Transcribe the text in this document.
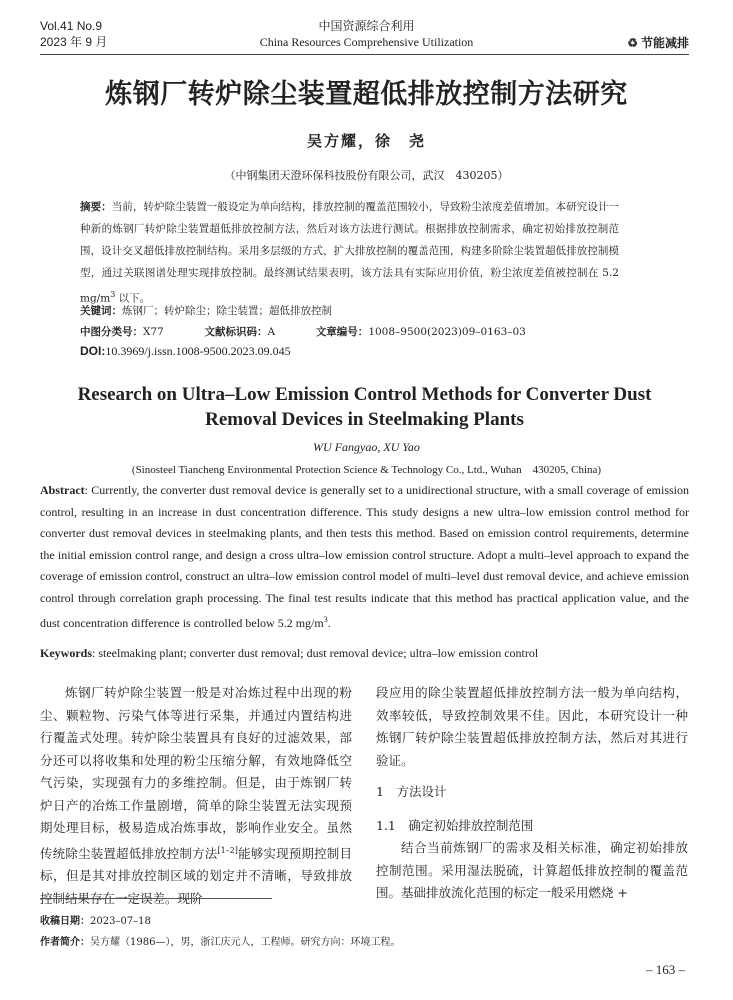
Vol.41 No.9
2023 年 9 月
中国资源综合利用
China Resources Comprehensive Utilization	♻ 节能减排
炼钢厂转炉除尘装置超低排放控制方法研究
吴方耀，徐　尧
（中钢集团天澄环保科技股份有限公司，武汉　430205）
摘要：当前，转炉除尘装置一般设定为单向结构，排放控制的覆盖范围较小，导致粉尘浓度差值增加。本研究设计一种新的炼钢厂转炉除尘装置超低排放控制方法，然后对该方法进行测试。根据排放控制需求，确定初始排放控制范围，设计交叉超低排放控制结构。采用多层级的方式，扩大排放控制的覆盖范围，构建多阶除尘装置超低排放控制模型，通过关联图谱处理实现排放控制。最终测试结果表明，该方法具有实际应用价值，粉尘浓度差值被控制在 5.2 $mg/m^3$ 以下。
关键词：炼钢厂；转炉除尘；除尘装置；超低排放控制
中图分类号：X77	文献标识码：A	文章编号：1008–9500(2023)09–0163–03
DOI:10.3969/j.issn.1008-9500.2023.09.045
Research on Ultra–Low Emission Control Methods for Converter Dust Removal Devices in Steelmaking Plants
WU Fangyao, XU Yao
(Sinosteel Tiancheng Environmental Protection Science & Technology Co., Ltd., Wuhan　430205, China)
Abstract: Currently, the converter dust removal device is generally set to a unidirectional structure, with a small coverage of emission control, resulting in an increase in dust concentration difference. This study designs a new ultra–low emission control method for converter dust removal devices in steelmaking plants, and then tests this method. Based on emission control requirements, determine the initial emission control range, and design a cross ultra–low emission control structure. Adopt a multi–level approach to expand the coverage of emission control, construct an ultra–low emission control model of multi–level dust removal device, and achieve emission control through correlation graph processing. The final test results indicate that this method has practical application value, and the dust concentration difference is controlled below 5.2 $mg/m^3$.
Keywords: steelmaking plant; converter dust removal; dust removal device; ultra–low emission control

炼钢厂转炉除尘装置一般是对冶炼过程中出现的粉尘、颗粒物、污染气体等进行采集，并通过内置结构进行覆盖式处理。转炉除尘装置具有良好的过滤效果，部分还可以将收集和处理的粉尘压缩分解，有效地降低空气污染，实现强有力的多维控制。但是，由于炼钢厂转炉日产的冶炼工作量剧增，简单的除尘装置无法实现预期处理目标，极易造成冶炼事故，影响作业安全。虽然传统除尘装置超低排放控制方法[1–2]能够实现预期控制目标，但是其对排放控制区域的划定并不清晰，导致排放控制结果存在一定误差。现阶

段应用的除尘装置超低排放控制方法一般为单向结构，效率较低，导致控制效果不佳。因此，本研究设计一种炼钢厂转炉除尘装置超低排放控制方法，然后对其进行验证。

1　方法设计

1.1　确定初始排放控制范围

结合当前炼钢厂的需求及相关标准，确定初始排放控制范围。采用湿法脱硫，计算超低排放控制的覆盖范围。基础排放流化范围的标定一般采用燃烧 +

收稿日期：2023–07–18
作者简介：吴方耀（1986—），男，浙江庆元人，工程师。研究方向：环境工程。
– 163 –
